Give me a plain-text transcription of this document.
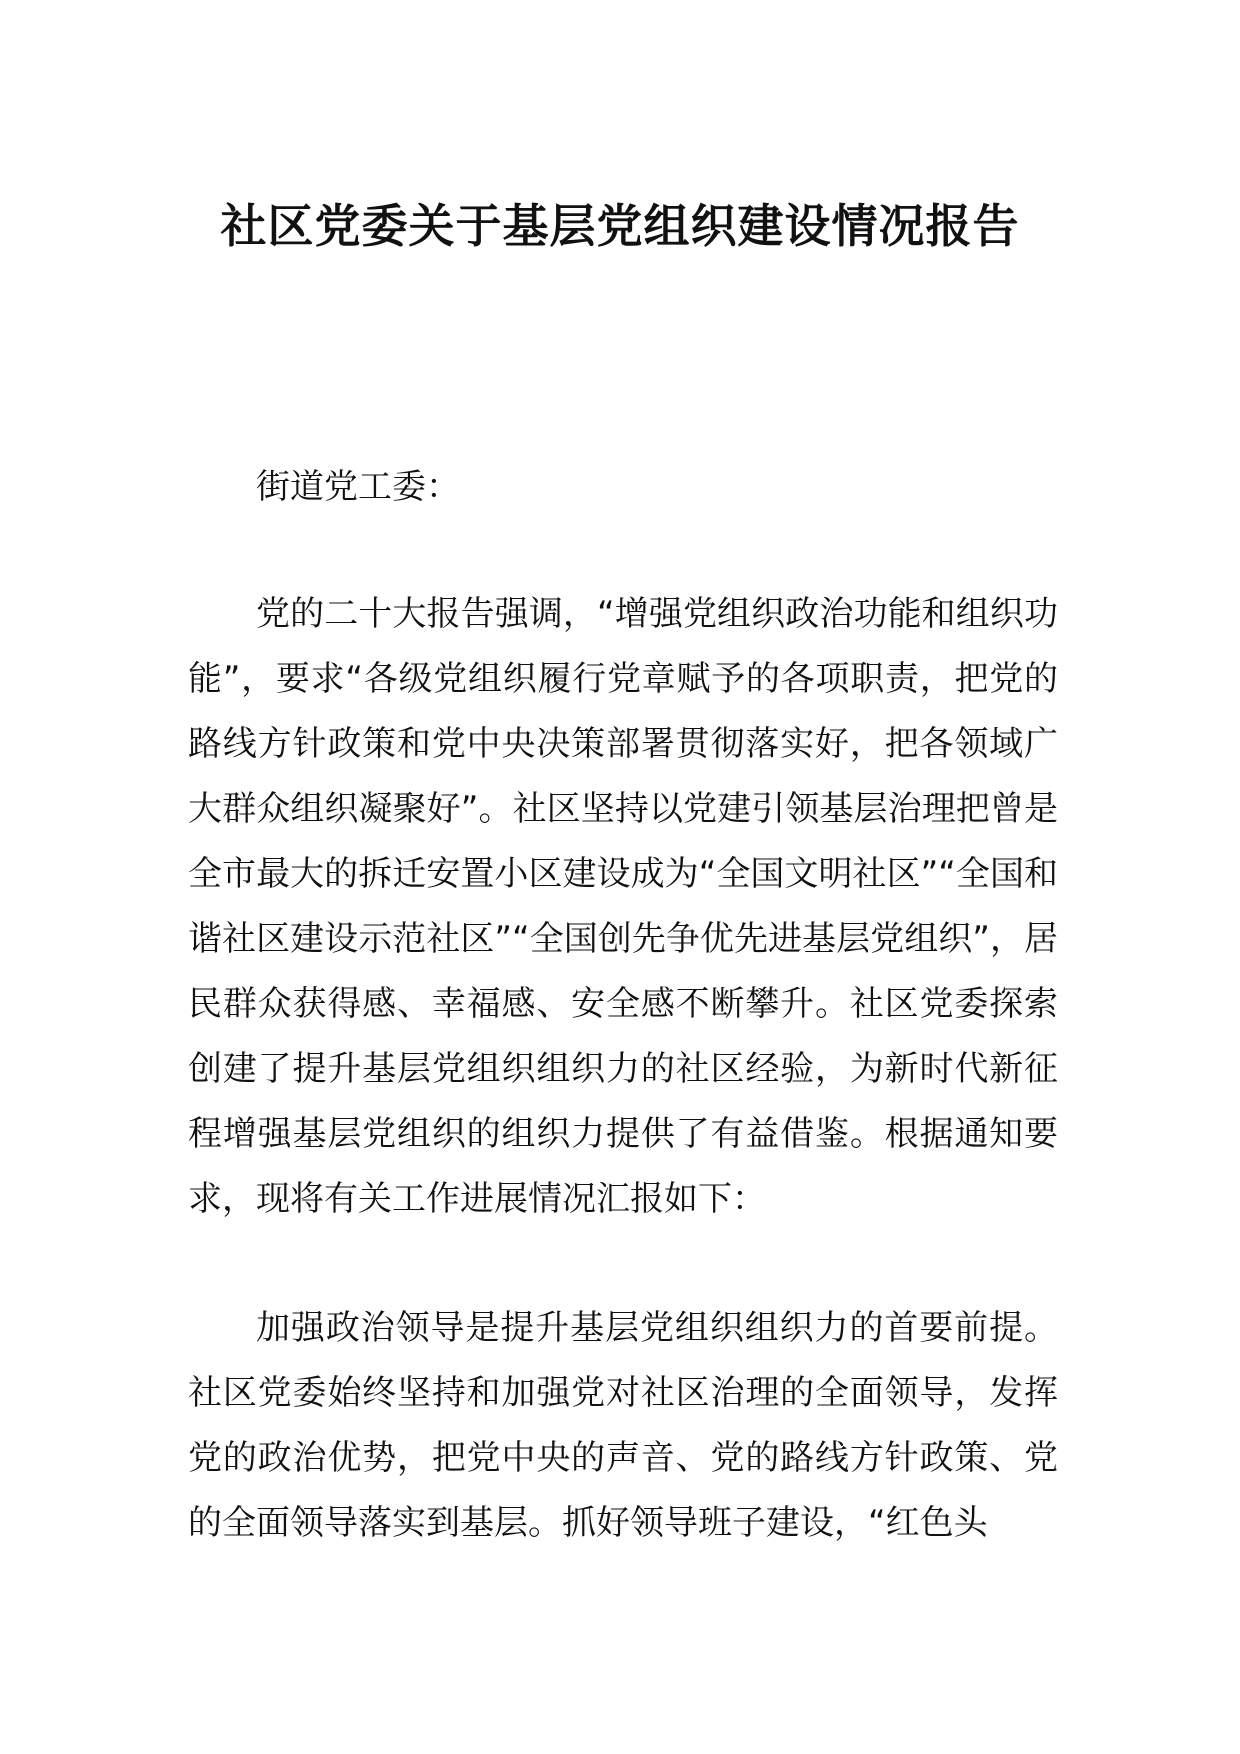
社区党委关于基层党组织建设情况报告

街道党工委：

党的二十大报告强调，“增强党组织政治功能和组织功能”，要求“各级党组织履行党章赋予的各项职责，把党的路线方针政策和党中央决策部署贯彻落实好，把各领域广大群众组织凝聚好”。社区坚持以党建引领基层治理把曾是全市最大的拆迁安置小区建设成为“全国文明社区”“全国和谐社区建设示范社区”“全国创先争优先进基层党组织”，居民群众获得感、幸福感、安全感不断攀升。社区党委探索创建了提升基层党组织组织力的社区经验，为新时代新征程增强基层党组织的组织力提供了有益借鉴。根据通知要求，现将有关工作进展情况汇报如下：

加强政治领导是提升基层党组织组织力的首要前提。社区党委始终坚持和加强党对社区治理的全面领导，发挥党的政治优势，把党中央的声音、党的路线方针政策、党的全面领导落实到基层。抓好领导班子建设，“红色头
